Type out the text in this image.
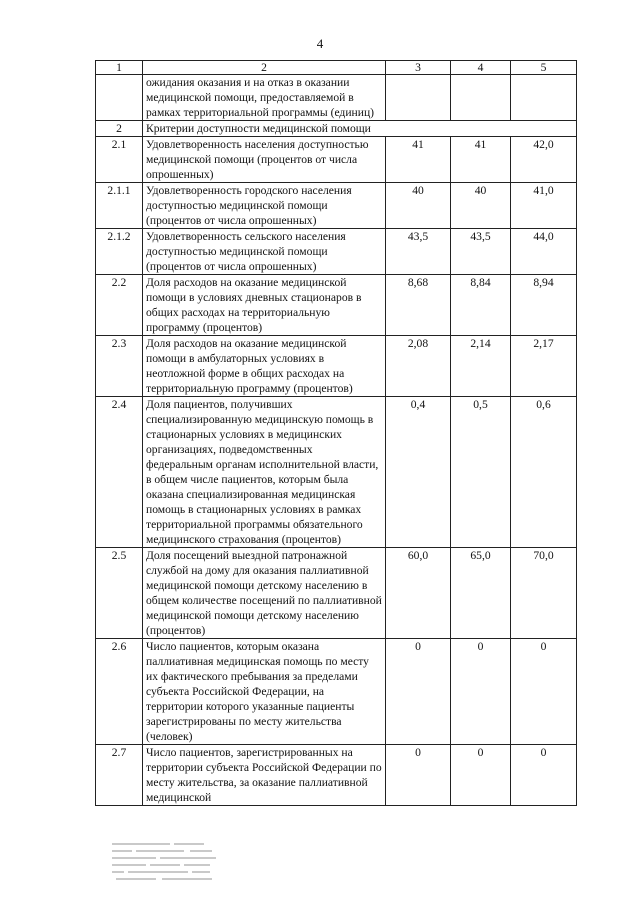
4
1	2	3	4	5
	ожидания оказания и на отказ в оказании медицинской помощи, предоставляемой в рамках территориальной программы (единиц)			
2	Критерии доступности медицинской помощи			
2.1	Удовлетворенность населения доступностью медицинской помощи (процентов от числа опрошенных)	41	41	42,0
2.1.1	Удовлетворенность городского населения доступностью медицинской помощи (процентов от числа опрошенных)	40	40	41,0
2.1.2	Удовлетворенность сельского населения доступностью медицинской помощи (процентов от числа опрошенных)	43,5	43,5	44,0
2.2	Доля расходов на оказание медицинской помощи в условиях дневных стационаров в общих расходах на территориальную программу (процентов)	8,68	8,84	8,94
2.3	Доля расходов на оказание медицинской помощи в амбулаторных условиях в неотложной форме в общих расходах на территориальную программу (процентов)	2,08	2,14	2,17
2.4	Доля пациентов, получивших специализированную медицинскую помощь в стационарных условиях в медицинских организациях, подведомственных федеральным органам исполнительной власти, в общем числе пациентов, которым была оказана специализированная медицинская помощь в стационарных условиях в рамках территориальной программы обязательного медицинского страхования (процентов)	0,4	0,5	0,6
2.5	Доля посещений выездной патронажной службой на дому для оказания паллиативной медицинской помощи детскому населению в общем количестве посещений по паллиативной медицинской помощи детскому населению (процентов)	60,0	65,0	70,0
2.6	Число пациентов, которым оказана паллиативная медицинская помощь по месту их фактического пребывания за пределами субъекта Российской Федерации, на территории которого указанные пациенты зарегистрированы по месту жительства (человек)	0	0	0
2.7	Число пациентов, зарегистрированных на территории субъекта Российской Федерации по месту жительства, за оказание паллиативной медицинской	0	0	0
